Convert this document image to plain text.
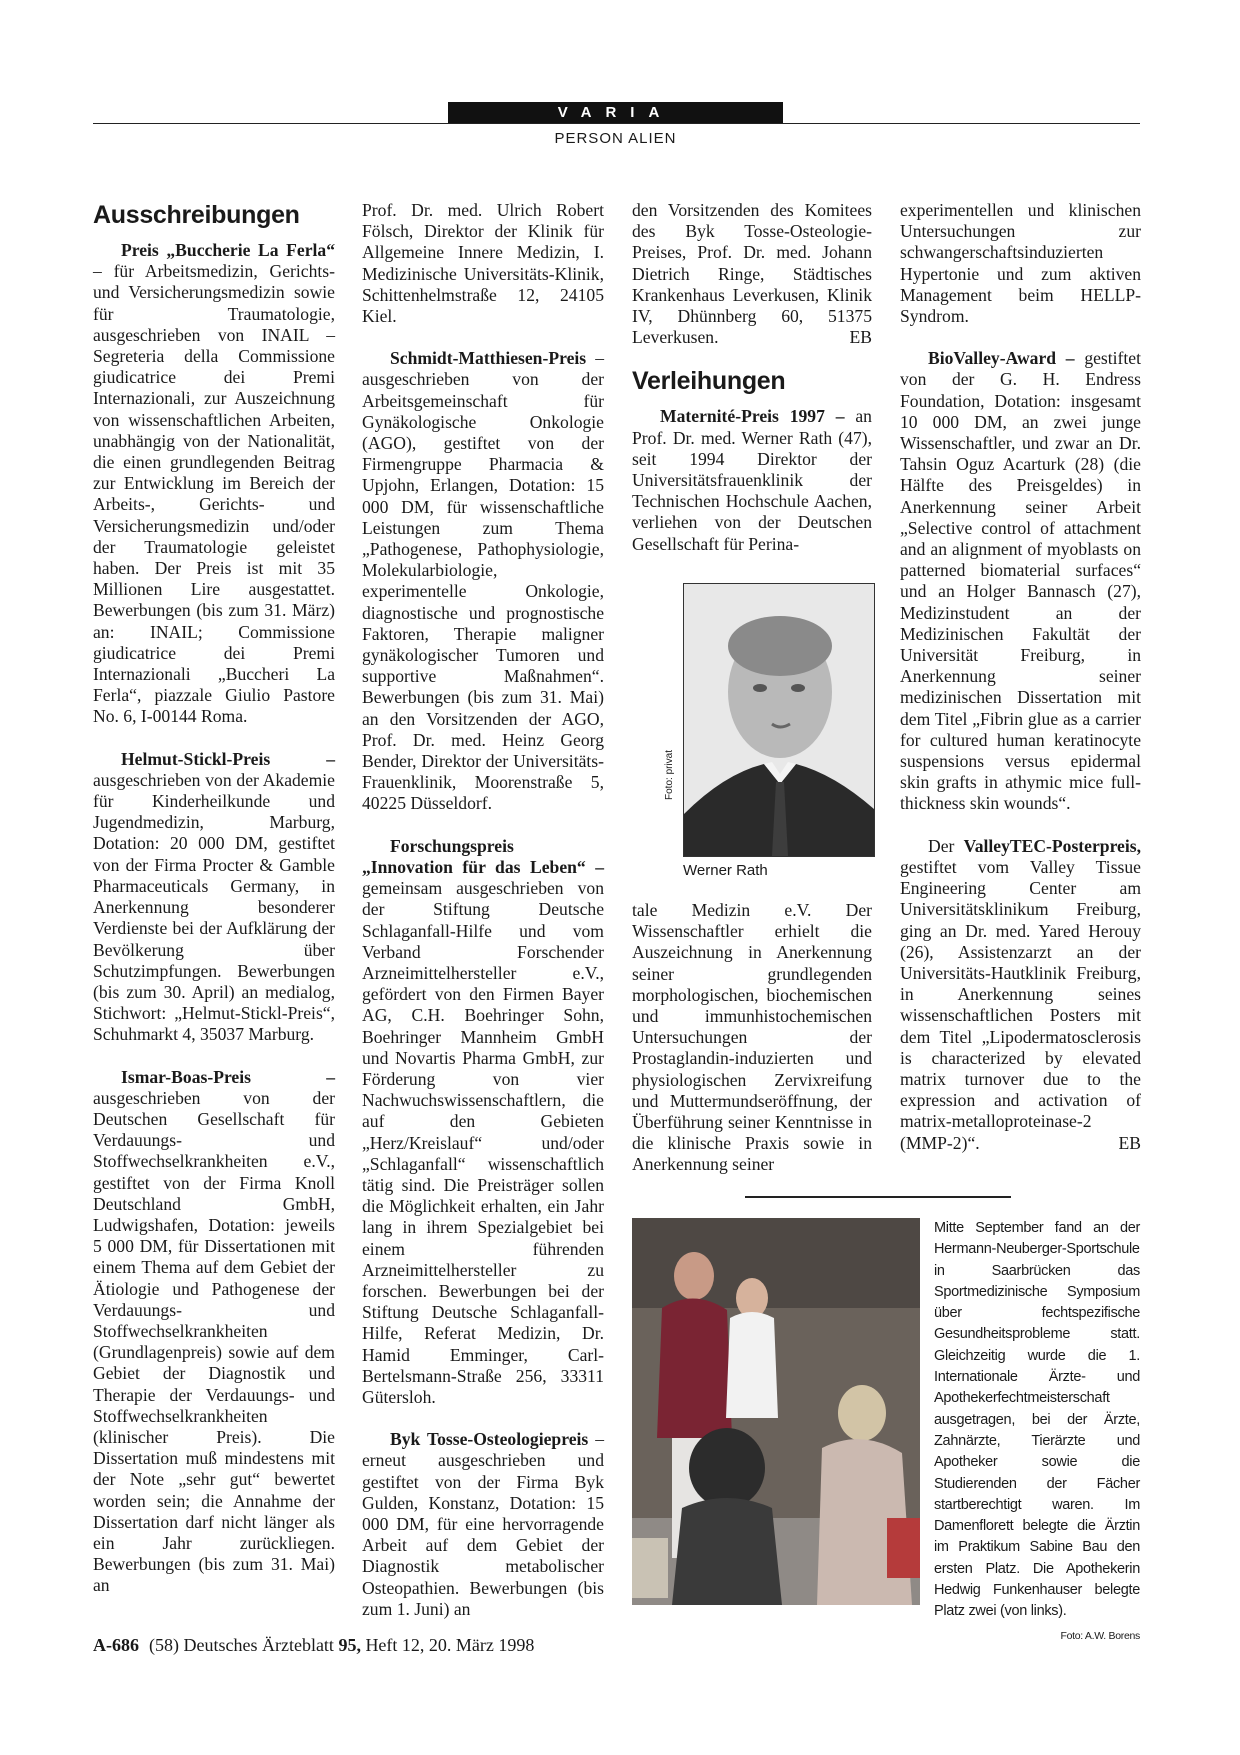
VARIA
PERSON ALIEN
Ausschreibungen

Preis „Buccherie La Ferla“ – für Arbeitsmedizin, Gerichts- und Versicherungsmedizin sowie für Traumatologie, ausgeschrieben von INAIL – Segreteria della Commissione giudicatrice dei Premi Internazionali, zur Auszeichnung von wissenschaftlichen Arbeiten, unabhängig von der Nationalität, die einen grundlegenden Beitrag zur Entwicklung im Bereich der Arbeits-, Gerichts- und Versicherungsmedizin und/oder der Traumatologie geleistet haben. Der Preis ist mit 35 Millionen Lire ausgestattet. Bewerbungen (bis zum 31. März) an: INAIL; Commissione giudicatrice dei Premi Internazionali „Buccheri La Ferla“, piazzale Giulio Pastore No. 6, I-00144 Roma.

Helmut-Stickl-Preis – ausgeschrieben von der Akademie für Kinderheilkunde und Jugendmedizin, Marburg, Dotation: 20 000 DM, gestiftet von der Firma Procter & Gamble Pharmaceuticals Germany, in Anerkennung besonderer Verdienste bei der Aufklärung der Bevölkerung über Schutzimpfungen. Bewerbungen (bis zum 30. April) an medialog, Stichwort: „Helmut-Stickl-Preis“, Schuhmarkt 4, 35037 Marburg.

Ismar-Boas-Preis – ausgeschrieben von der Deutschen Gesellschaft für Verdauungs- und Stoffwechselkrankheiten e.V., gestiftet von der Firma Knoll Deutschland GmbH, Ludwigshafen, Dotation: jeweils 5 000 DM, für Dissertationen mit einem Thema auf dem Gebiet der Ätiologie und Pathogenese der Verdauungs- und Stoffwechselkrankheiten (Grundlagenpreis) sowie auf dem Gebiet der Diagnostik und Therapie der Verdauungs- und Stoffwechselkrankheiten (klinischer Preis). Die Dissertation muß mindestens mit der Note „sehr gut“ bewertet worden sein; die Annahme der Dissertation darf nicht länger als ein Jahr zurückliegen. Bewerbungen (bis zum 31. Mai) an

Prof. Dr. med. Ulrich Robert Fölsch, Direktor der Klinik für Allgemeine Innere Medizin, I. Medizinische Universitäts-Klinik, Schittenhelmstraße 12, 24105 Kiel.

Schmidt-Matthiesen-Preis – ausgeschrieben von der Arbeitsgemeinschaft für Gynäkologische Onkologie (AGO), gestiftet von der Firmengruppe Pharmacia & Upjohn, Erlangen, Dotation: 15 000 DM, für wissenschaftliche Leistungen zum Thema „Pathogenese, Pathophysiologie, Molekularbiologie, experimentelle Onkologie, diagnostische und prognostische Faktoren, Therapie maligner gynäkologischer Tumoren und supportive Maßnahmen“. Bewerbungen (bis zum 31. Mai) an den Vorsitzenden der AGO, Prof. Dr. med. Heinz Georg Bender, Direktor der Universitäts-Frauenklinik, Moorenstraße 5, 40225 Düsseldorf.

Forschungspreis „Innovation für das Leben“ – gemeinsam ausgeschrieben von der Stiftung Deutsche Schlaganfall-Hilfe und vom Verband Forschender Arzneimittelhersteller e.V., gefördert von den Firmen Bayer AG, C.H. Boehringer Sohn, Boehringer Mannheim GmbH und Novartis Pharma GmbH, zur Förderung von vier Nachwuchswissenschaftlern, die auf den Gebieten „Herz/Kreislauf“ und/oder „Schlaganfall“ wissenschaftlich tätig sind. Die Preisträger sollen die Möglichkeit erhalten, ein Jahr lang in ihrem Spezialgebiet bei einem führenden Arzneimittelhersteller zu forschen. Bewerbungen bei der Stiftung Deutsche Schlaganfall-Hilfe, Referat Medizin, Dr. Hamid Emminger, Carl-Bertelsmann-Straße 256, 33311 Gütersloh.

Byk Tosse-Osteologiepreis – erneut ausgeschrieben und gestiftet von der Firma Byk Gulden, Konstanz, Dotation: 15 000 DM, für eine hervorragende Arbeit auf dem Gebiet der Diagnostik metabolischer Osteopathien. Bewerbungen (bis zum 1. Juni) an

den Vorsitzenden des Komitees des Byk Tosse-Osteologie-Preises, Prof. Dr. med. Johann Dietrich Ringe, Städtisches Krankenhaus Leverkusen, Klinik IV, Dhünnberg 60, 51375 Leverkusen.	EB

Verleihungen

Maternité-Preis 1997 – an Prof. Dr. med. Werner Rath (47), seit 1994 Direktor der Universitätsfrauenklinik der Technischen Hochschule Aachen, verliehen von der Deutschen Gesellschaft für Perina-

Foto: privat
Werner Rath

tale Medizin e.V. Der Wissenschaftler erhielt die Auszeichnung in Anerkennung seiner grundlegenden morphologischen, biochemischen und immunhistochemischen Untersuchungen der Prostaglandin-induzierten und physiologischen Zervixreifung und Muttermundseröffnung, der Überführung seiner Kenntnisse in die klinische Praxis sowie in Anerkennung seiner

experimentellen und klinischen Untersuchungen zur schwangerschaftsinduzierten Hypertonie und zum aktiven Management beim HELLP-Syndrom.

BioValley-Award – gestiftet von der G. H. Endress Foundation, Dotation: insgesamt 10 000 DM, an zwei junge Wissenschaftler, und zwar an Dr. Tahsin Oguz Acarturk (28) (die Hälfte des Preisgeldes) in Anerkennung seiner Arbeit „Selective control of attachment and an alignment of myoblasts on patterned biomaterial surfaces“ und an Holger Bannasch (27), Medizinstudent an der Medizinischen Fakultät der Universität Freiburg, in Anerkennung seiner medizinischen Dissertation mit dem Titel „Fibrin glue as a carrier for cultured human keratinocyte suspensions versus epidermal skin grafts in athymic mice full-thickness skin wounds“.

Der ValleyTEC-Posterpreis, gestiftet vom Valley Tissue Engineering Center am Universitätsklinikum Freiburg, ging an Dr. med. Yared Herouy (26), Assistenzarzt an der Universitäts-Hautklinik Freiburg, in Anerkennung seines wissenschaftlichen Posters mit dem Titel „Lipodermatosclerosis is characterized by elevated matrix turnover due to the expression and activation of matrix-metalloproteinase-2 (MMP-2)“.	EB

Mitte September fand an der Hermann-Neuberger-Sportschule in Saarbrücken das Sportmedizinische Symposium über fechtspezifische Gesundheitsprobleme statt. Gleichzeitig wurde die 1. Internationale Ärzte- und Apothekerfechtmeisterschaft ausgetragen, bei der Ärzte, Zahnärzte, Tierärzte und Apotheker sowie die Studierenden der Fächer startberechtigt waren. Im Damenflorett belegte die Ärztin im Praktikum Sabine Bau den ersten Platz. Die Apothekerin Hedwig Funkenhauser belegte Platz zwei (von links).
Foto: A.W. Borens
A-686 (58) Deutsches Ärzteblatt 95, Heft 12, 20. März 1998
